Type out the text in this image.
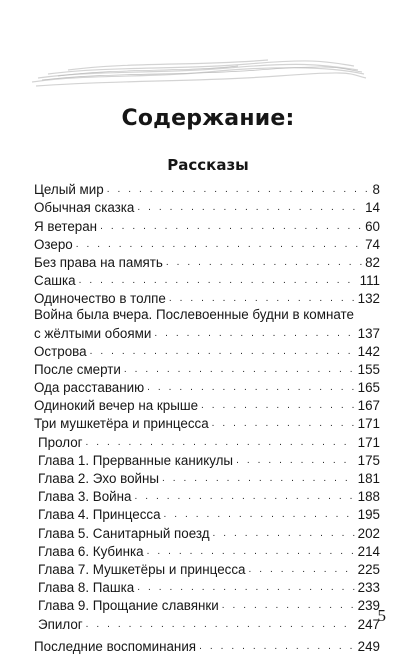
Содержание:
Рассказы
Целый мир . . .	8
Обычная сказка . . .	14
Я ветеран . . .	60
Озеро . . .	74
Без права на память . . .	82
Сашка . . .	111
Одиночество в толпе . . .	132
Война была вчера. Послевоенные будни в комнате
с жёлтыми обоями . . .	137
Острова . . .	142
После смерти . . .	155
Ода расставанию . . .	165
Одинокий вечер на крыше . . .	167
Три мушкетёра и принцесса . . .	171
Пролог . . .	171
Глава 1. Прерванные каникулы . . .	175
Глава 2. Эхо войны . . .	181
Глава 3. Война . . .	188
Глава 4. Принцесса . . .	195
Глава 5. Санитарный поезд . . .	202
Глава 6. Кубинка . . .	214
Глава 7. Мушкетёры и принцесса . . .	225
Глава 8. Пашка . . .	233
Глава 9. Прощание славянки . . .	239
Эпилог . . .	247
Последние воспоминания . . .	249
5
